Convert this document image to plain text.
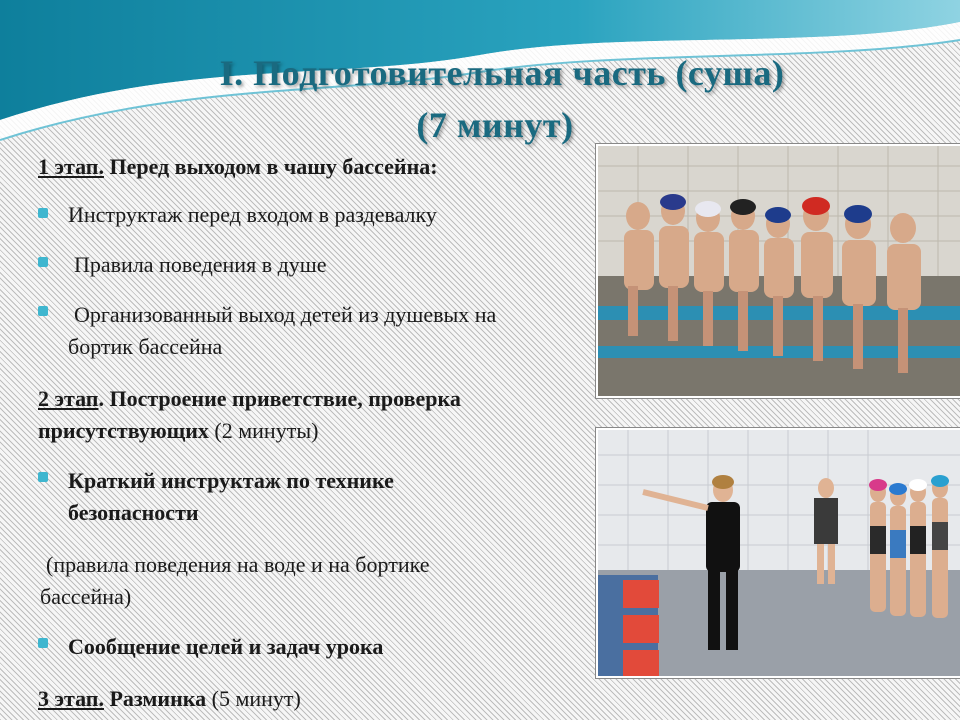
I. Подготовительная часть (суша)
(7 минут)
1 этап. Перед выходом в чашу бассейна:
Инструктаж перед входом в раздевалку
Правила поведения в душе
Организованный выход детей из душевых на
бортик бассейна
2 этап. Построение приветствие, проверка
присутствующих (2 минуты)
Краткий инструктаж по технике
безопасности
(правила поведения на воде и на бортике
бассейна)
Сообщение целей и задач урока
3 этап. Разминка (5 минут)
